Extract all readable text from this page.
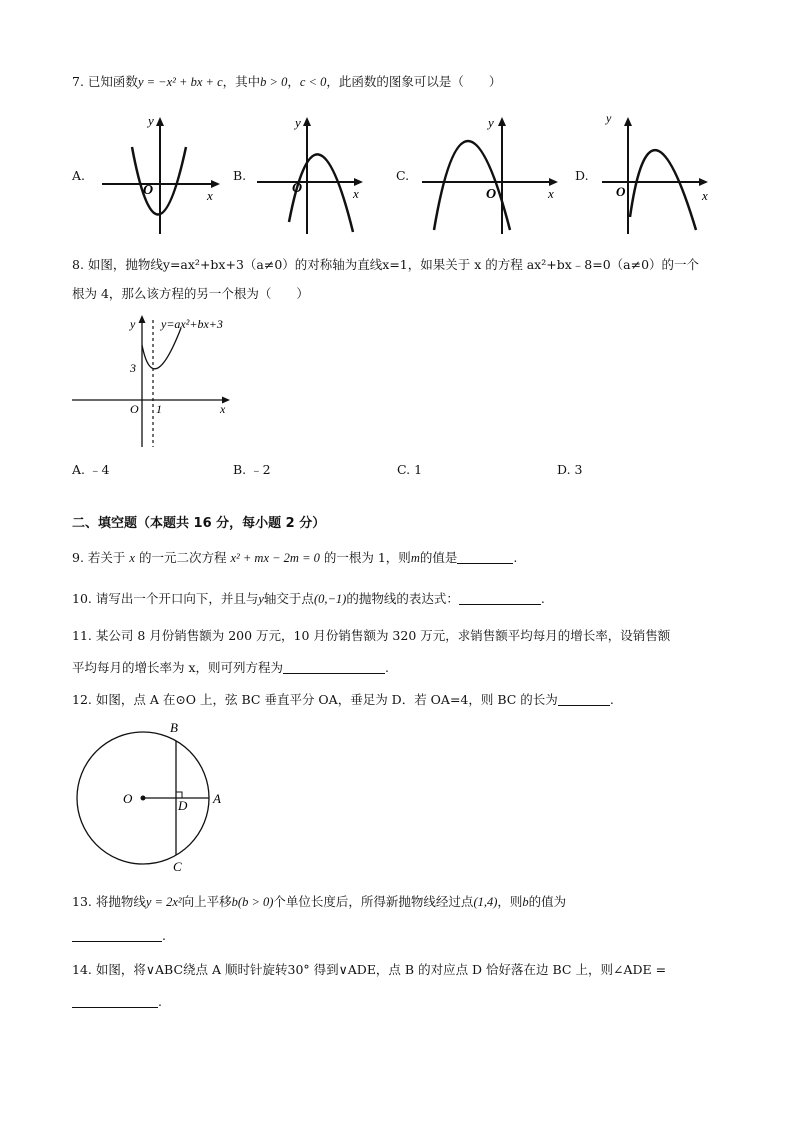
7. 已知函数y = −x² + bx + c，其中b > 0，c < 0，此函数的图象可以是（　　）
A.	B.	C.	D.
y
x
O
y
x
O
y
x
O
y
x
O
8. 如图，抛物线y=ax²+bx+3（a≠0）的对称轴为直线x=1，如果关于 x 的方程 ax²+bx﹣8=0（a≠0）的一个
根为 4，那么该方程的另一个根为（　　）
y y=ax²+bx+3
3
O 1	x
A. ﹣4	B. ﹣2	C. 1	D. 3
二、填空题（本题共 16 分，每小题 2 分）
9. 若关于 x 的一元二次方程 x² + mx − 2m = 0 的一根为 1，则m的值是	.
10. 请写出一个开口向下，并且与y轴交于点(0,−1)的抛物线的表达式：	.
11. 某公司 8 月份销售额为 200 万元，10 月份销售额为 320 万元，求销售额平均每月的增长率，设销售额
平均每月的增长率为 x，则可列方程为	.
12. 如图，点 A 在⊙O 上，弦 BC 垂直平分 OA，垂足为 D．若 OA=4，则 BC 的长为	.
B
C
O	D A
13. 将抛物线y = 2x²向上平移b(b > 0)个单位长度后，所得新抛物线经过点(1,4)，则b的值为
.
14. 如图，将∨ABC绕点 A 顺时针旋转30° 得到∨ADE，点 B 的对应点 D 恰好落在边 BC 上，则∠ADE =
.
